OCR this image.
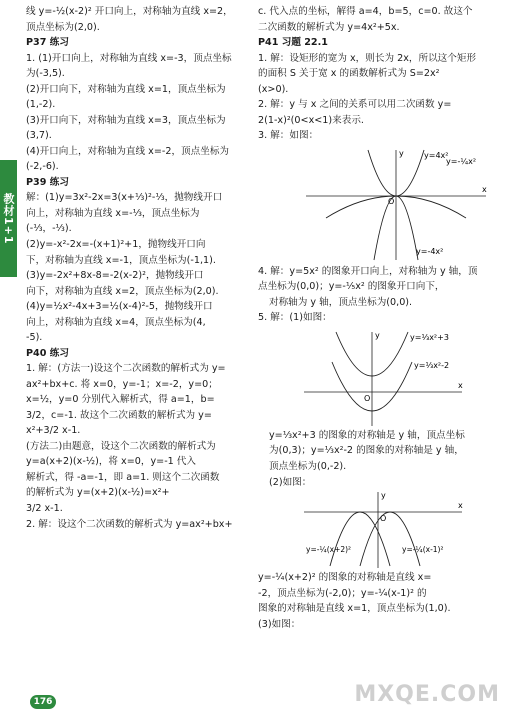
教材1+1
线 y=-½(x-2)² 开口向上，对称轴为直线 x=2，
顶点坐标为(2,0).
P37 练习
1. (1)开口向上，对称轴为直线 x=-3，顶点坐标
为(-3,5).
(2)开口向下，对称轴为直线 x=1，顶点坐标为
(1,-2).
(3)开口向下，对称轴为直线 x=3，顶点坐标为
(3,7).
(4)开口向上，对称轴为直线 x=-2，顶点坐标为
(-2,-6).
P39 练习
解：(1)y=3x²-2x=3(x+⅓)²-⅓，抛物线开口
向上，对称轴为直线 x=-⅓，顶点坐标为
(-⅓，-⅓).
(2)y=-x²-2x=-(x+1)²+1，抛物线开口向
下，对称轴为直线 x=-1，顶点坐标为(-1,1).
(3)y=-2x²+8x-8=-2(x-2)²，抛物线开口
向下，对称轴为直线 x=2，顶点坐标为(2,0).
(4)y=½x²-4x+3=½(x-4)²-5，抛物线开口
向上，对称轴为直线 x=4，顶点坐标为(4,
-5).
P40 练习
1. 解：(方法一)设这个二次函数的解析式为 y=
ax²+bx+c. 将 x=0，y=-1；x=-2，y=0；
x=½，y=0 分别代入解析式，得 a=1，b=
3/2，c=-1. 故这个二次函数的解析式为 y=
x²+3/2 x-1.
(方法二)由题意，设这个二次函数的解析式为
y=a(x+2)(x-½)，将 x=0，y=-1 代入
解析式，得 -a=-1，即 a=1. 则这个二次函数
的解析式为 y=(x+2)(x-½)=x²+
3/2 x-1.
2. 解：设这个二次函数的解析式为 y=ax²+bx+
c. 代入点的坐标，解得 a=4，b=5，c=0. 故这个
二次函数的解析式为 y=4x²+5x.
P41 习题 22.1
1. 解：设矩形的宽为 x，则长为 2x，所以这个矩形
的面积 S 关于宽 x 的函数解析式为 S=2x²
(x>0).
2. 解：y 与 x 之间的关系可以用二次函数 y=
2(1-x)²(0<x<1)来表示.
3. 解：如图：
y=4x²
y=-¼x²
y=-4x²
x
y
O
4. 解：y=5x² 的图象开口向上，对称轴为 y 轴，顶
点坐标为(0,0)；y=-⅕x² 的图象开口向下，
对称轴为 y 轴，顶点坐标为(0,0).
5. 解：(1)如图：
y=⅓x²+3
y=⅓x²-2
x
y
O
y=⅓x²+3 的图象的对称轴是 y 轴，顶点坐标
为(0,3)；y=⅓x²-2 的图象的对称轴是 y 轴，
顶点坐标为(0,-2).
(2)如图：
y=-¼(x+2)²	y=-¼(x-1)²
x
y
O
y=-¼(x+2)² 的图象的对称轴是直线 x=
-2，顶点坐标为(-2,0)；y=-¼(x-1)² 的
图象的对称轴是直线 x=1，顶点坐标为(1,0).
(3)如图：
176	MXQE.COM
